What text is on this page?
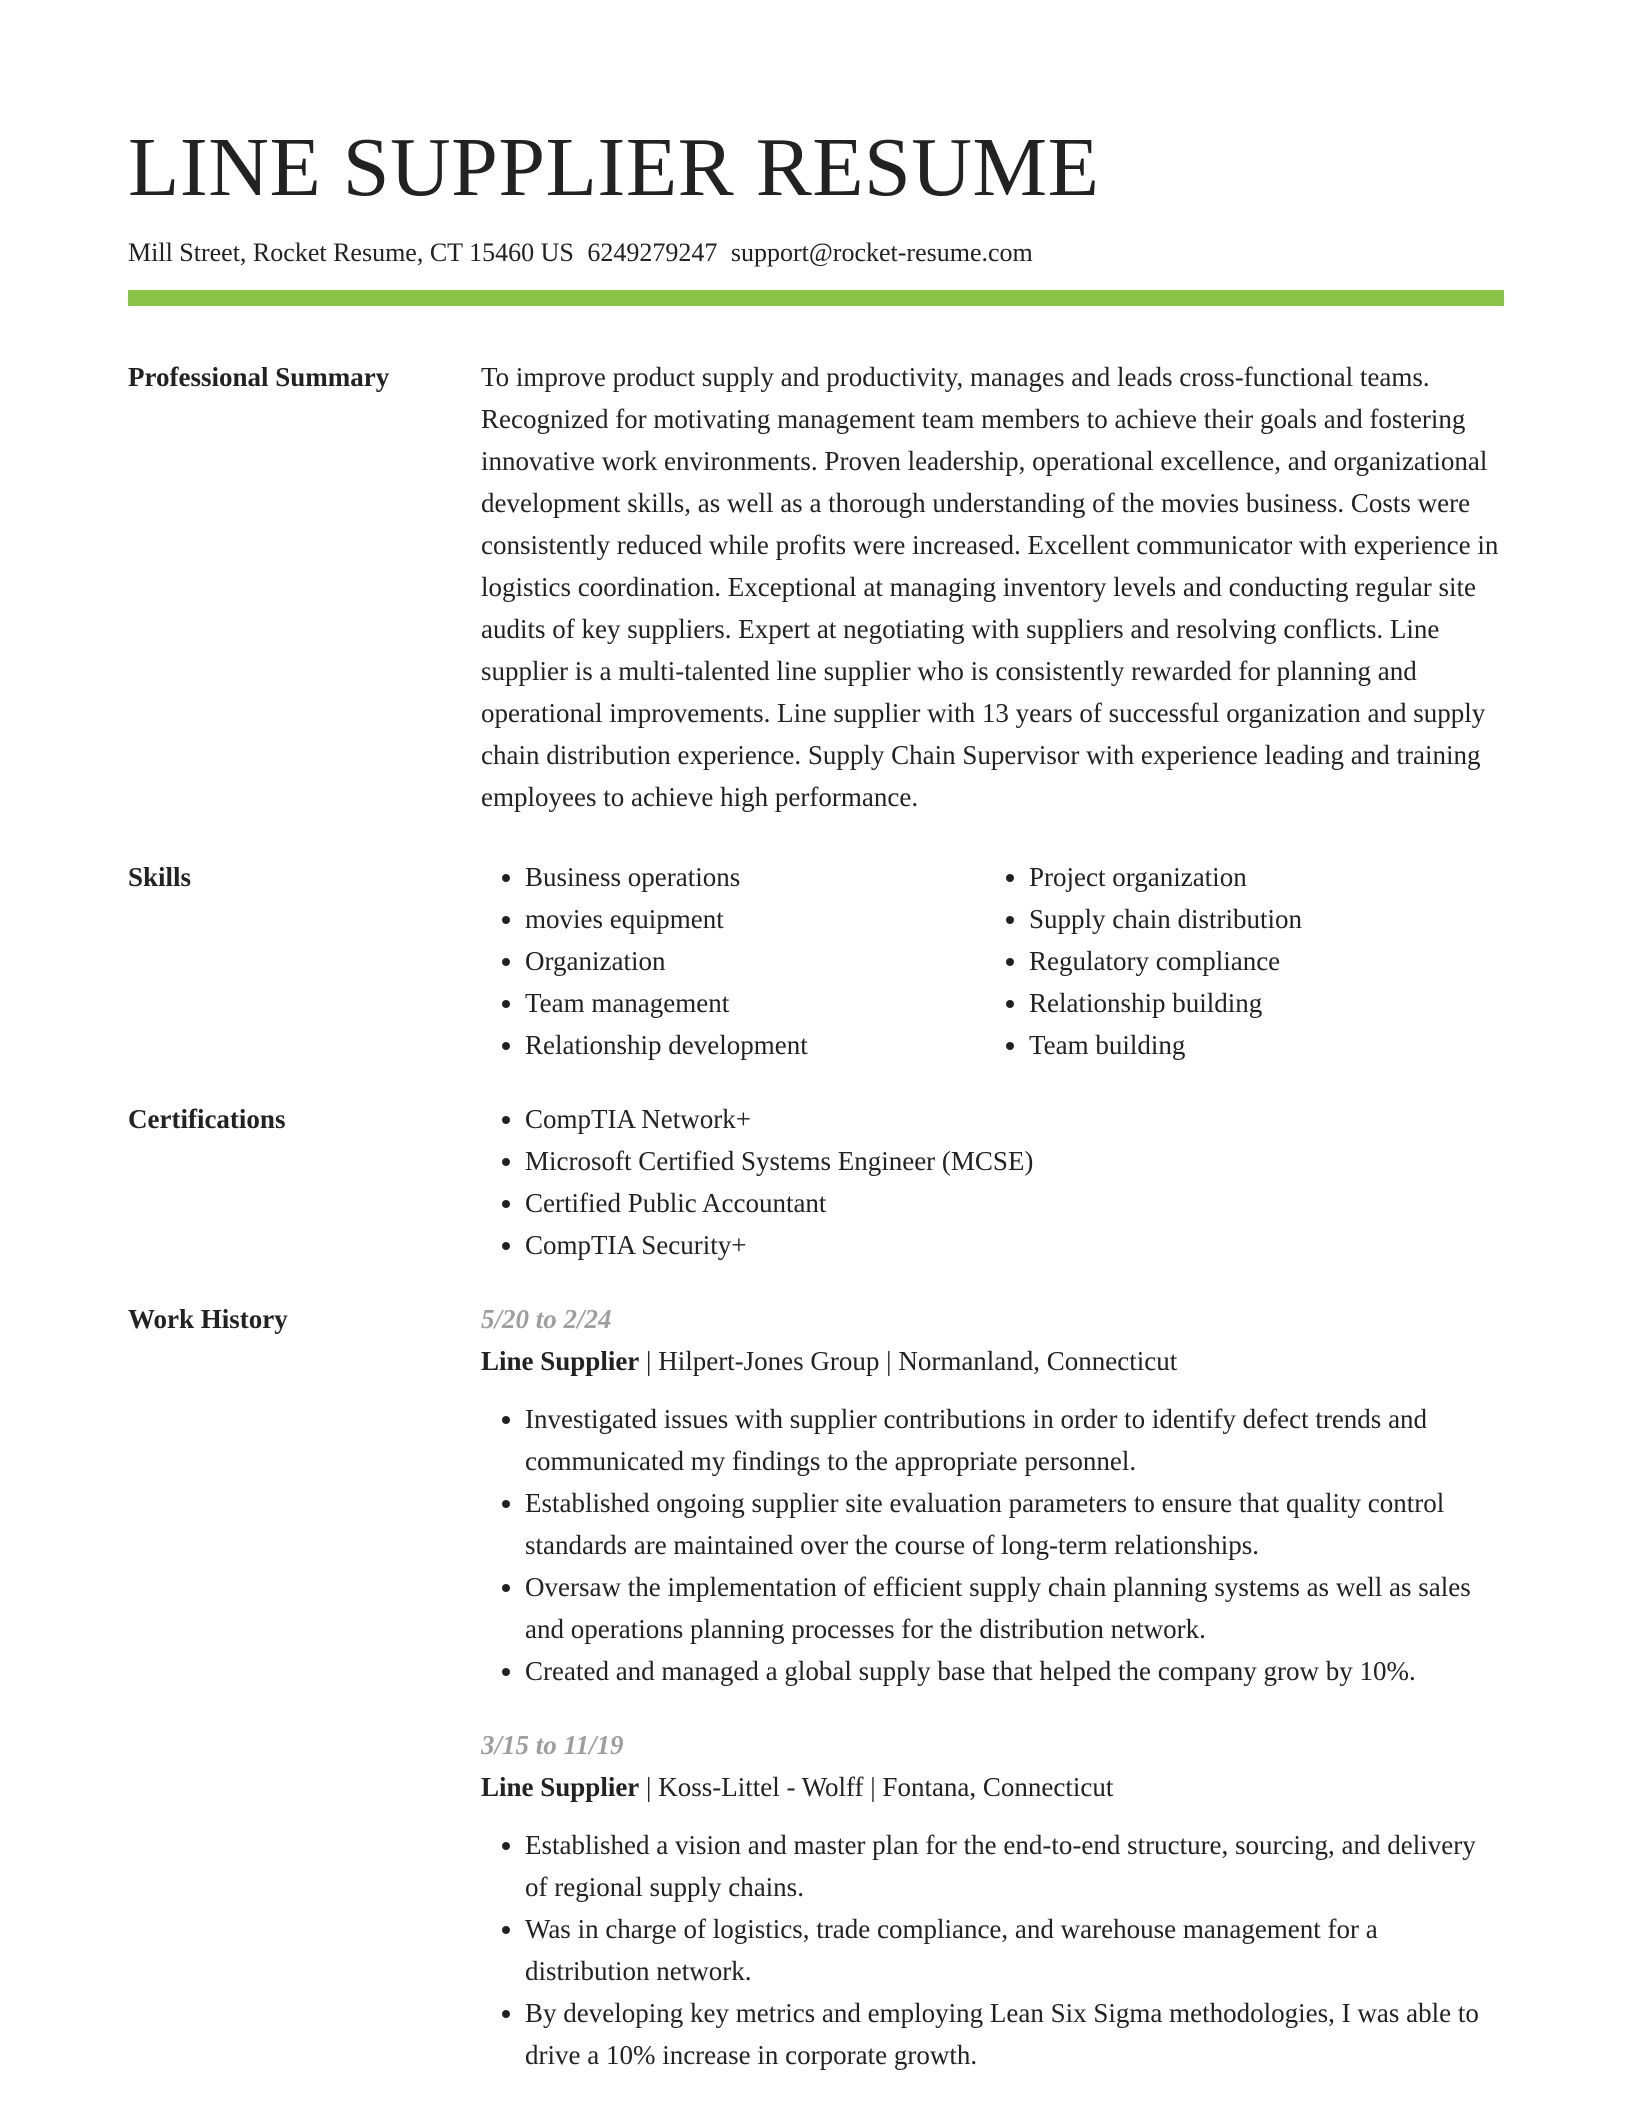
LINE SUPPLIER RESUME
Mill Street, Rocket Resume, CT 15460 US 6249279247 support@rocket-resume.com
Professional Summary	To improve product supply and productivity, manages and leads cross-functional teams. Recognized for motivating management team members to achieve their goals and fostering innovative work environments. Proven leadership, operational excellence, and organizational development skills, as well as a thorough understanding of the movies business. Costs were consistently reduced while profits were increased. Excellent communicator with experience in logistics coordination. Exceptional at managing inventory levels and conducting regular site audits of key suppliers. Expert at negotiating with suppliers and resolving conflicts. Line supplier is a multi-talented line supplier who is consistently rewarded for planning and operational improvements. Line supplier with 13 years of successful organization and supply chain distribution experience. Supply Chain Supervisor with experience leading and training employees to achieve high performance.

Skills	• Business operations
• movies equipment
• Organization
• Team management
• Relationship development
• Project organization
• Supply chain distribution
• Regulatory compliance
• Relationship building
• Team building
Certifications	• CompTIA Network+
• Microsoft Certified Systems Engineer (MCSE)
• Certified Public Accountant
• CompTIA Security+
Work History	5/20 to 2/24
Line Supplier | Hilpert-Jones Group | Normanland, Connecticut
• Investigated issues with supplier contributions in order to identify defect trends and communicated my findings to the appropriate personnel.
• Established ongoing supplier site evaluation parameters to ensure that quality control standards are maintained over the course of long-term relationships.
• Oversaw the implementation of efficient supply chain planning systems as well as sales and operations planning processes for the distribution network.
• Created and managed a global supply base that helped the company grow by 10%.
3/15 to 11/19
Line Supplier | Koss-Littel - Wolff | Fontana, Connecticut
• Established a vision and master plan for the end-to-end structure, sourcing, and delivery of regional supply chains.
• Was in charge of logistics, trade compliance, and warehouse management for a distribution network.
• By developing key metrics and employing Lean Six Sigma methodologies, I was able to drive a 10% increase in corporate growth.
